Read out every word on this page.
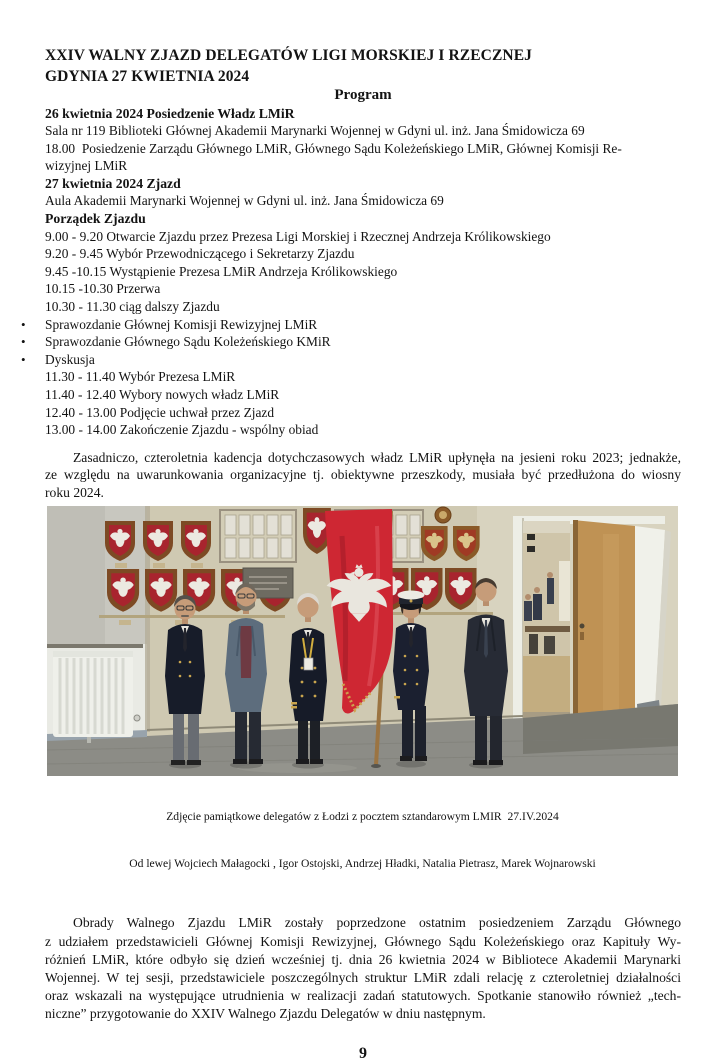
XXIV WALNY ZJAZD DELEGATÓW LIGI MORSKIEJ I RZECZNEJ
GDYNIA 27 KWIETNIA 2024
Program
26 kwietnia 2024 Posiedzenie Władz LMiR
Sala nr 119 Biblioteki Głównej Akademii Marynarki Wojennej w Gdyni ul. inż. Jana Śmidowicza 69
18.00  Posiedzenie Zarządu Głównego LMiR, Głównego Sądu Koleżeńskiego LMiR, Głównej Komisji Re-
wizyjnej LMiR
27 kwietnia 2024 Zjazd
Aula Akademii Marynarki Wojennej w Gdyni ul. inż. Jana Śmidowicza 69
Porządek Zjazdu
9.00 - 9.20 Otwarcie Zjazdu przez Prezesa Ligi Morskiej i Rzecznej Andrzeja Królikowskiego
9.20 - 9.45 Wybór Przewodniczącego i Sekretarzy Zjazdu
9.45 -10.15 Wystąpienie Prezesa LMiR Andrzeja Królikowskiego
10.15 -10.30 Przerwa
10.30 - 11.30 ciąg dalszy Zjazdu
• Sprawozdanie Głównej Komisji Rewizyjnej LMiR
• Sprawozdanie Głównego Sądu Koleżeńskiego KMiR
• Dyskusja
11.30 - 11.40 Wybór Prezesa LMiR
11.40 - 12.40 Wybory nowych władz LMiR
12.40 - 13.00 Podjęcie uchwał przez Zjazd
13.00 - 14.00 Zakończenie Zjazdu - wspólny obiad
Zasadniczo, czteroletnia kadencja dotychczasowych władz LMiR upłynęła na jesieni roku 2023; jednakże,
ze względu na uwarunkowania organizacyjne tj. obiektywne przeszkody, musiała być przedłużona do wiosny
roku 2024.

Zdjęcie pamiątkowe delegatów z Łodzi z pocztem sztandarowym LMIR  27.IV.2024

Od lewej Wojciech Małagocki , Igor Ostojski, Andrzej Hładki, Natalia Pietrasz, Marek Wojnarowski

Obrady Walnego Zjazdu LMiR zostały poprzedzone ostatnim posiedzeniem Zarządu Głównego
z udziałem przedstawicieli Głównej Komisji Rewizyjnej, Głównego Sądu Koleżeńskiego oraz Kapituły Wy-
różnień LMiR, które odbyło się dzień wcześniej tj. dnia 26 kwietnia 2024 w Bibliotece Akademii Marynarki
Wojennej. W tej sesji, przedstawiciele poszczególnych struktur LMiR zdali relację z czteroletniej działalności
oraz wskazali na występujące utrudnienia w realizacji zadań statutowych. Spotkanie stanowiło również „tech-
niczne” przygotowanie do XXIV Walnego Zjazdu Delegatów w dniu następnym.
9
